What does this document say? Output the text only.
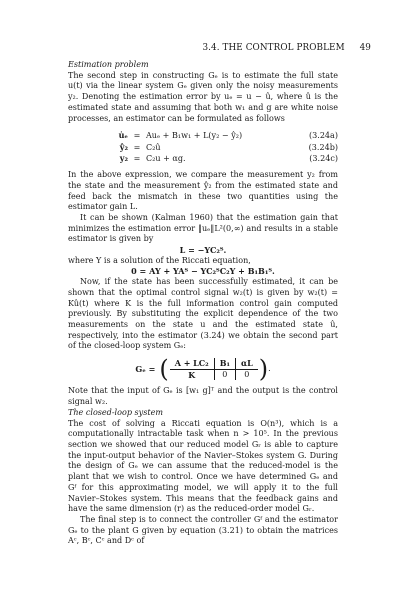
3.4. THE CONTROL PROBLEM 49

Estimation problem

The second step in constructing Gₑ is to estimate the full state u(t) via the linear system Gₑ given only the noisy measurements y₂. Denoting the estimation error by uₑ = u − û, where û is the estimated state and assuming that both w₁ and g are white noise processes, an estimator can be formulated as follows

u̇ₑ = Auₑ + B₁w₁ + L(y₂ − ŷ₂)	(3.24a)
ŷ₂ = C₂û	(3.24b)
y₂ = C₂u + αg.	(3.24c)

In the above expression, we compare the measurement y₂ from the state and the measurement ŷ₂ from the estimated state and feed back the mismatch in these two quantities using the estimator gain L.

It can be shown (Kalman 1960) that the estimation gain that minimizes the estimation error ‖uₑ‖L²(0,∞) and results in a stable estimator is given by

L = −YC₂ᵀ.

where Y is a solution of the Riccati equation,

0 = AY + YAᵀ − YC₂ᵀC₂Y + B₁B₁ᵀ.

Now, if the state has been successfully estimated, it can be shown that the optimal control signal w₂(t) is given by w₂(t) = Kû(t) where K is the full information control gain computed previously. By substituting the explicit dependence of the two measurements on the state u and the estimated state û, respectively, into the estimator (3.24) we obtain the second part of the closed-loop system Gₑ:

Gₑ = ( A + LC₂	B₁	αL
K	0	0 ) .

Note that the input of Gₑ is [w₁ g]ᵀ and the output is the control signal w₂.

The closed-loop system

The cost of solving a Riccati equation is O(n³), which is a computationally intractable task when n > 10⁵. In the previous section we showed that our reduced model Gᵣ is able to capture the input-output behavior of the Navier–Stokes system G. During the design of Gₑ we can assume that the reduced-model is the plant that we wish to control. Once we have determined Gₑ and Gᶠ for this approximating model, we will apply it to the full Navier–Stokes system. This means that the feedback gains and have the same dimension (r) as the reduced-order model Gᵣ.

The final step is to connect the controller Gᶠ and the estimator Gₑ to the plant G given by equation (3.21) to obtain the matrices Aᶜ, Bᶜ, Cᶜ and Dᶜ of
